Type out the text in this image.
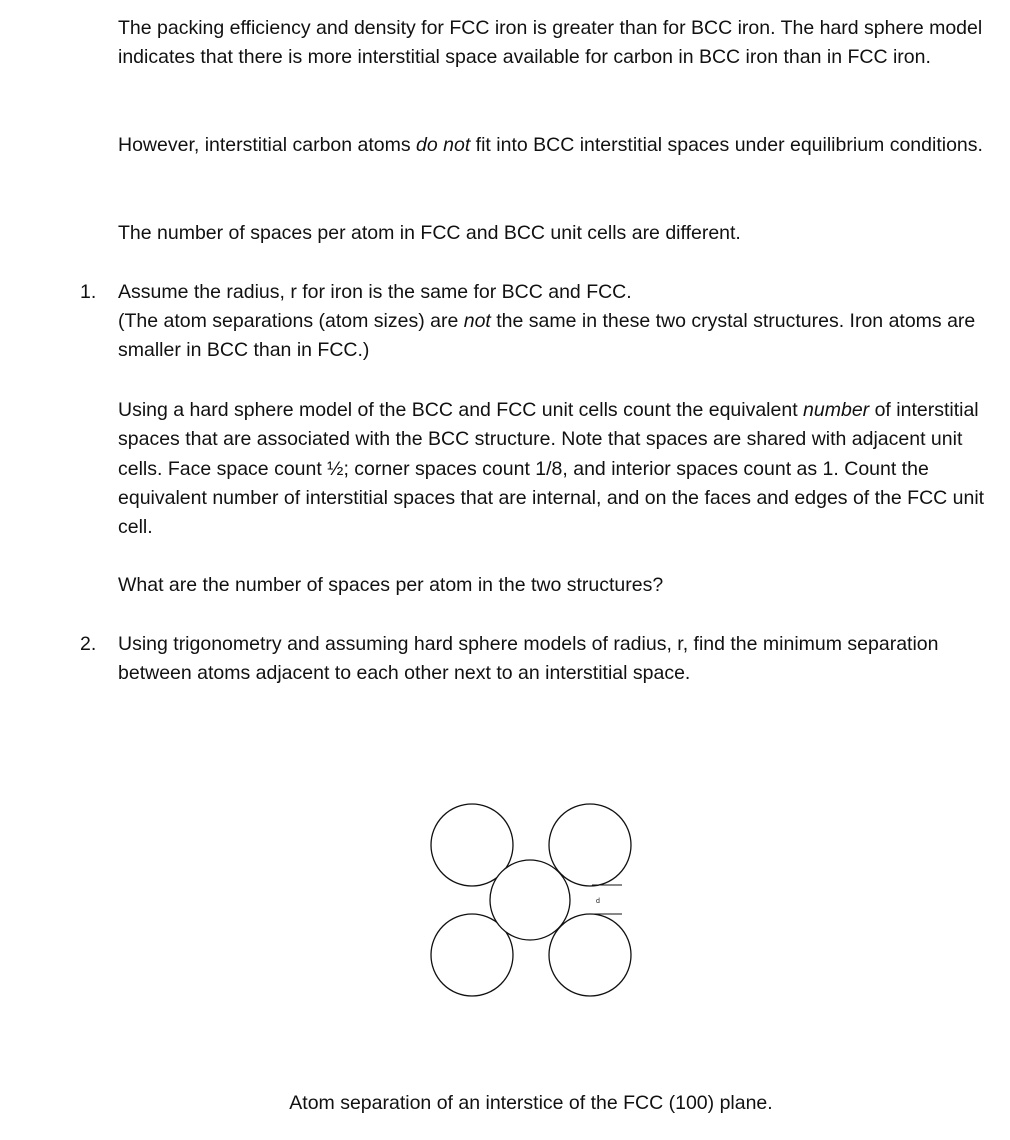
The packing efficiency and density for FCC iron is greater than for BCC iron. The hard sphere model indicates that there is more interstitial space available for carbon in BCC iron than in FCC iron.

However, interstitial carbon atoms do not fit into BCC interstitial spaces under equilibrium conditions.

The number of spaces per atom in FCC and BCC unit cells are different.

1. Assume the radius, r for iron is the same for BCC and FCC.

(The atom separations (atom sizes) are not the same in these two crystal structures. Iron atoms are smaller in BCC than in FCC.)

Using a hard sphere model of the BCC and FCC unit cells count the equivalent number of interstitial spaces that are associated with the BCC structure. Note that spaces are shared with adjacent unit cells. Face space count ½; corner spaces count 1/8, and interior spaces count as 1. Count the equivalent number of interstitial spaces that are internal, and on the faces and edges of the FCC unit cell.

What are the number of spaces per atom in the two structures?

2. Using trigonometry and assuming hard sphere models of radius, r, find the minimum separation between atoms adjacent to each other next to an interstitial space.

d
Atom separation of an interstice of the FCC (100) plane.
